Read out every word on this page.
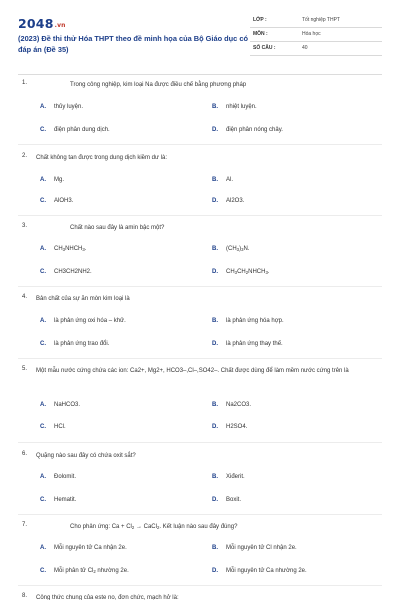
2048.vn
(2023) Đề thi thử Hóa THPT theo đề minh họa của Bộ Giáo dục có đáp án (Đề 35)
LỚP :	Tốt nghiệp THPT
MÔN :	Hóa học
SỐ CÂU :	40
1.	Trong công nghiệp, kim loại Na được điều chế bằng phương pháp
A. thủy luyện.	B. nhiệt luyện.
C. điện phân dung dịch.	D. điện phân nóng chảy.
2. Chất không tan được trong dung dịch kiềm dư là:
A. Mg.	B. Al.
C. AlOH3.	D. Al2O3.
3.	Chất nào sau đây là amin bậc một?
A. $CH_3NHCH_3$.	B. $(CH_3)_3N$.
C. CH3CH2NH2.	D. $CH_3CH_2NHCH_3$.
4. Bản chất của sự ăn mòn kim loại là
A. là phản ứng oxi hóa – khử.	B. là phản ứng hóa hợp.
C. là phản ứng trao đổi.	D. là phản ứng thay thế.
5. Một mẫu nước cứng chứa các ion: Ca2+, Mg2+, HCO3–,Cl–,SO42–. Chất được dùng để làm mềm nước cứng trên là
A. NaHCO3.	B. Na2CO3.
C. HCl.	D. H2SO4.
6. Quặng nào sau đây có chứa oxit sắt?
A. Đolomit.	B. Xiđerit.
C. Hematit.	D. Boxit.
7.	Cho phản ứng: $Ca + Cl_2$ → CaCl$_2$. Kết luận nào sau đây đúng?
A. Mỗi nguyên tử Ca nhận 2e.	B. Mỗi nguyên tử Cl nhận 2e.
C. Mỗi phân tử $Cl_2$ nhường 2e.	D. Mỗi nguyên tử Ca nhường 2e.
8. Công thức chung của este no, đơn chức, mạch hở là:
